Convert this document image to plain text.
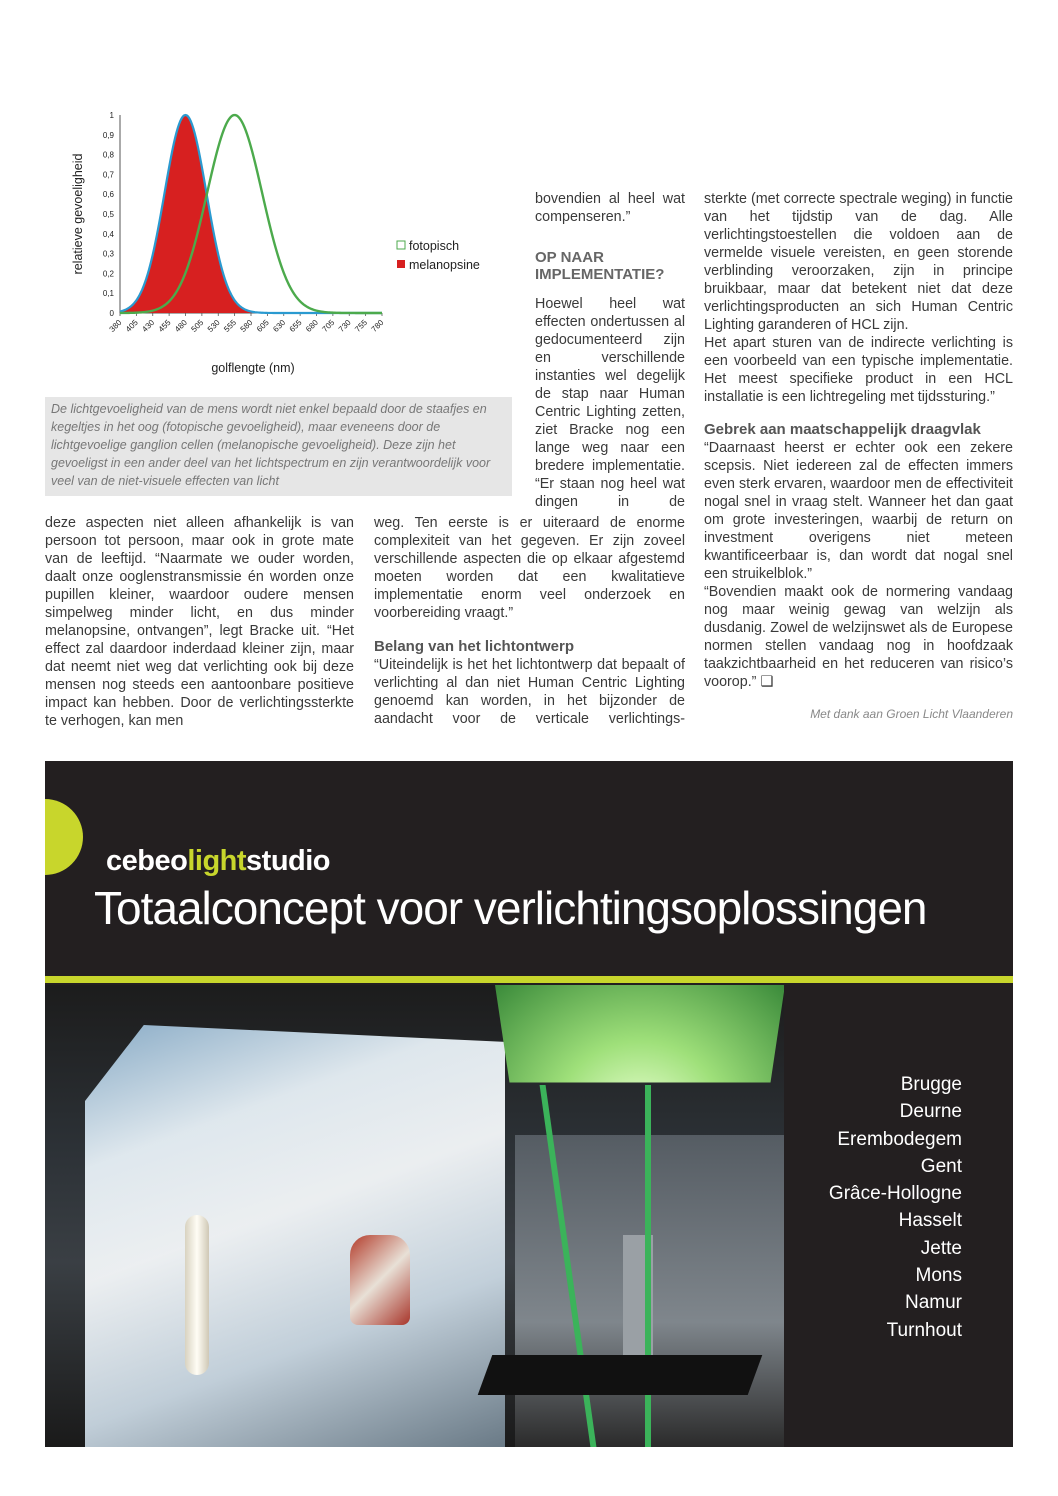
0
0,1
0,2
0,3
0,4
0,5
0,6
0,7
0,8
0,9
1
380 405 430 455 480 505 530 555 580 605 630 655 680 705 730 755 780
golflengte (nm)
relatieve gevoeligheid	fotopisch
melanopsine
De lichtgevoeligheid van de mens wordt niet enkel bepaald door de staafjes en kegeltjes in het oog (fotopische gevoeligheid), maar eveneens door de lichtgevoelige ganglion cellen (melanopische gevoeligheid). Deze zijn het gevoeligst in een ander deel van het lichtspectrum en zijn verantwoordelijk voor veel van de niet-visuele effecten van licht

deze aspecten niet alleen afhankelijk is van persoon tot persoon, maar ook in grote mate van de leeftijd. “Naarmate we ouder worden, daalt onze ooglenstransmissie én worden onze pupillen kleiner, waardoor oudere mensen simpelweg minder licht, en dus minder melanopsine, ontvangen”, legt Bracke uit. “Het effect zal daardoor inderdaad kleiner zijn, maar dat neemt niet weg dat verlichting ook bij deze mensen nog steeds een aantoonbare positieve impact kan hebben. Door de verlichtingssterkte te verhogen, kan men

bovendien al heel wat compenseren.”

OP NAAR IMPLEMENTATIE?

Hoewel heel wat effecten ondertussen al gedocumenteerd zijn en verschillende instanties wel degelijk de stap naar Human Centric Lighting zetten, ziet Bracke nog een lange weg naar een bredere implementatie. “Er staan nog heel wat dingen in de

weg. Ten eerste is er uiteraard de enorme complexiteit van het gegeven. Er zijn zoveel verschillende aspecten die op elkaar afgestemd moeten worden dat een kwalitatieve implementatie enorm veel onderzoek en voorbereiding vraagt.”

Belang van het lichtontwerp

“Uiteindelijk is het het lichtontwerp dat bepaalt of verlichting al dan niet Human Centric Lighting genoemd kan worden, in het bijzonder de aandacht voor de verticale verlichtings-

sterkte (met correcte spectrale weging) in functie van het tijdstip van de dag. Alle verlichtingstoestellen die voldoen aan de vermelde visuele vereisten, en geen storende verblinding veroorzaken, zijn in principe bruikbaar, maar dat betekent niet dat deze verlichtingsproducten an sich Human Centric Lighting garanderen of HCL zijn.

Het apart sturen van de indirecte verlichting is een voorbeeld van een typische implementatie. Het meest specifieke product in een HCL installatie is een lichtregeling met tijdssturing.”

Gebrek aan maatschappelijk draagvlak

“Daarnaast heerst er echter ook een zekere scepsis. Niet iedereen zal de effecten immers even sterk ervaren, waardoor men de effectiviteit nogal snel in vraag stelt. Wanneer het dan gaat om grote investeringen, waarbij de return on investment overigens niet meteen kwantificeerbaar is, dan wordt dat nogal snel een struikelblok.”

“Bovendien maakt ook de normering vandaag nog maar weinig gewag van welzijn als dusdanig. Zowel de welzijnswet als de Europese normen stellen vandaag nog in hoofdzaak taakzichtbaarheid en het reduceren van risico’s voorop.” ❑

Met dank aan Groen Licht Vlaanderen
cebeolightstudio
Totaalconcept voor verlichtingsoplossingen
Brugge
Deurne
Erembodegem
Gent
Grâce-Hollogne
Hasselt
Jette
Mons
Namur
Turnhout
